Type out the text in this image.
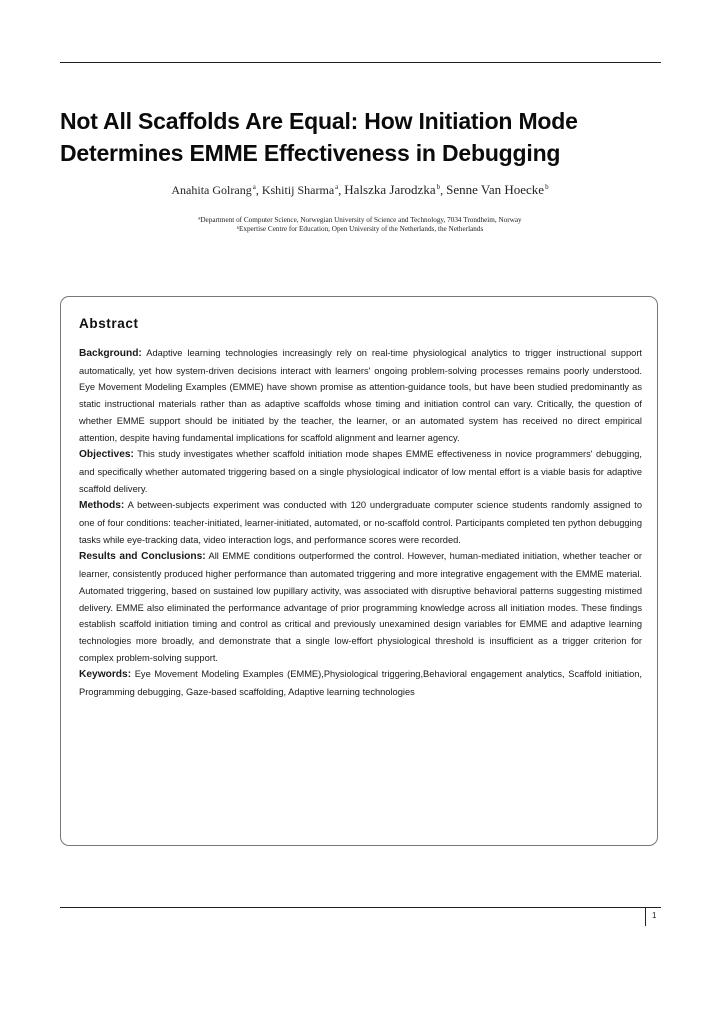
Not All Scaffolds Are Equal: How Initiation Mode Determines EMME Effectiveness in Debugging
Anahita Golrang $^a$, Kshitij Sharma $^a$, Halszka Jarodzka $^b$, Senne Van Hoecke $^b$
ªDepartment of Computer Science, Norwegian University of Science and Technology, 7034 Trondheim, Norway
ᵇExpertise Centre for Education, Open University of the Netherlands, the Netherlands
Abstract

Background: Adaptive learning technologies increasingly rely on real-time physiological analytics to trigger instructional support automatically, yet how system-driven decisions interact with learners' ongoing problem-solving processes remains poorly understood. Eye Movement Modeling Examples (EMME) have shown promise as attention-guidance tools, but have been studied predominantly as static instructional materials rather than as adaptive scaffolds whose timing and initiation control can vary. Critically, the question of whether EMME support should be initiated by the teacher, the learner, or an automated system has received no direct empirical attention, despite having fundamental implications for scaffold alignment and learner agency.

Objectives: This study investigates whether scaffold initiation mode shapes EMME effectiveness in novice programmers' debugging, and specifically whether automated triggering based on a single physiological indicator of low mental effort is a viable basis for adaptive scaffold delivery.

Methods: A between-subjects experiment was conducted with 120 undergraduate computer science students randomly assigned to one of four conditions: teacher-initiated, learner-initiated, automated, or no-scaffold control. Participants completed ten python debugging tasks while eye-tracking data, video interaction logs, and performance scores were recorded.

Results and Conclusions: All EMME conditions outperformed the control. However, human-mediated initiation, whether teacher or learner, consistently produced higher performance than automated triggering and more integrative engagement with the EMME material. Automated triggering, based on sustained low pupillary activity, was associated with disruptive behavioral patterns suggesting mistimed delivery. EMME also eliminated the performance advantage of prior programming knowledge across all initiation modes. These findings establish scaffold initiation timing and control as critical and previously unexamined design variables for EMME and adaptive learning technologies more broadly, and demonstrate that a single low-effort physiological threshold is insufficient as a trigger criterion for complex problem-solving support.

Keywords: Eye Movement Modeling Examples (EMME),Physiological triggering,Behavioral engagement analytics, Scaffold initiation, Programming debugging, Gaze-based scaffolding, Adaptive learning technologies

1
